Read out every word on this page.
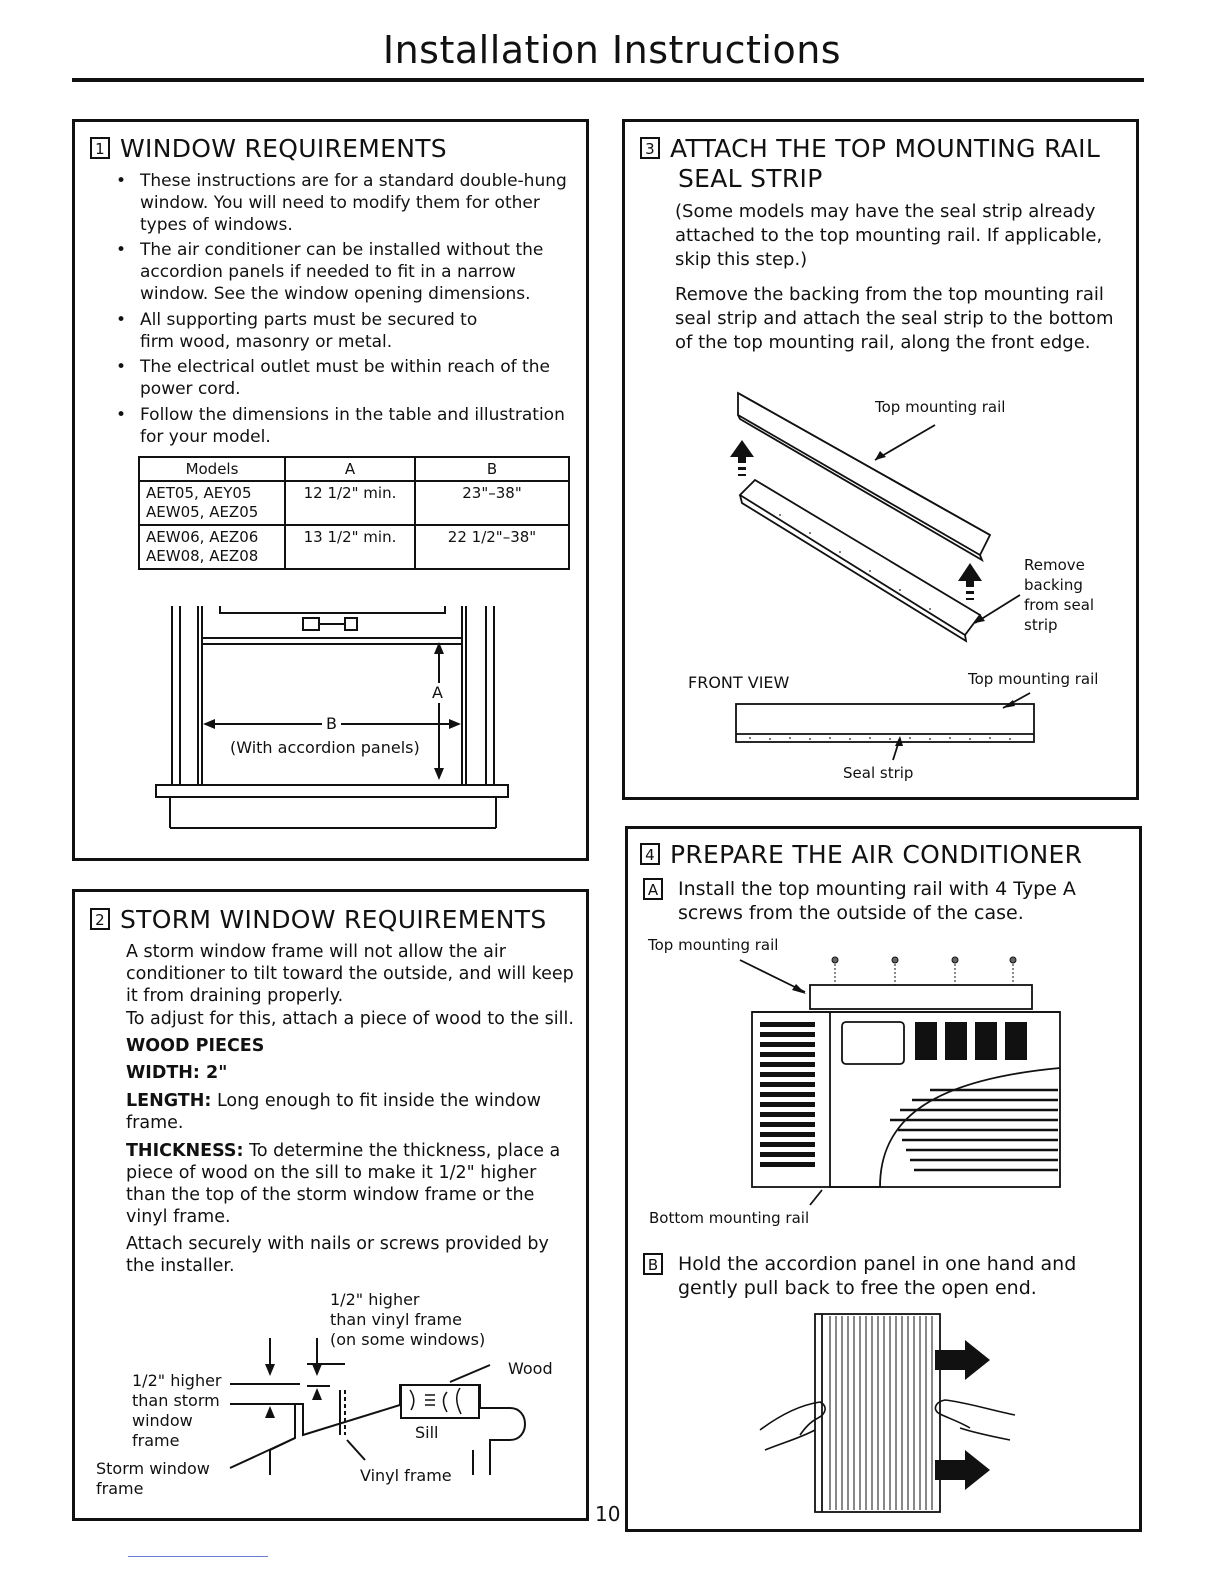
Installation Instructions
1 WINDOW REQUIREMENTS
• These instructions are for a standard double-hung window. You will need to modify them for other types of windows.
• The air conditioner can be installed without the accordion panels if needed to fit in a narrow window. See the window opening dimensions.
• All supporting parts must be secured to firm wood, masonry or metal.
• The electrical outlet must be within reach of the power cord.
• Follow the dimensions in the table and illustration for your model.
Models	A	B
AET05, AEY05
AEW05, AEZ05	12 1/2" min.	23"–38"
AEW06, AEZ06
AEW08, AEZ08	13 1/2" min.	22 1/2"–38"
A
B
(With accordion panels)
2 STORM WINDOW REQUIREMENTS
A storm window frame will not allow the air conditioner to tilt toward the outside, and will keep it from draining properly.
To adjust for this, attach a piece of wood to the sill.
WOOD PIECES
WIDTH: 2"
LENGTH: Long enough to fit inside the window frame.
THICKNESS: To determine the thickness, place a piece of wood on the sill to make it 1/2" higher than the top of the storm window frame or the vinyl frame.
Attach securely with nails or screws provided by the installer.
1/2" higher
than vinyl frame
(on some windows)
Wood
1/2" higher
than storm
window
frame	Sill
Vinyl frame
Storm window
frame
3 ATTACH THE TOP MOUNTING RAIL
SEAL STRIP
(Some models may have the seal strip already attached to the top mounting rail. If applicable, skip this step.)
Remove the backing from the top mounting rail seal strip and attach the seal strip to the bottom of the top mounting rail, along the front edge.
Top mounting rail
Remove
backing
from seal
strip
FRONT VIEW	Top mounting rail
Seal strip
4 PREPARE THE AIR CONDITIONER
A	Install the top mounting rail with 4 Type A screws from the outside of the case.
Top mounting rail
Bottom mounting rail
B	Hold the accordion panel in one hand and gently pull back to free the open end.
10
